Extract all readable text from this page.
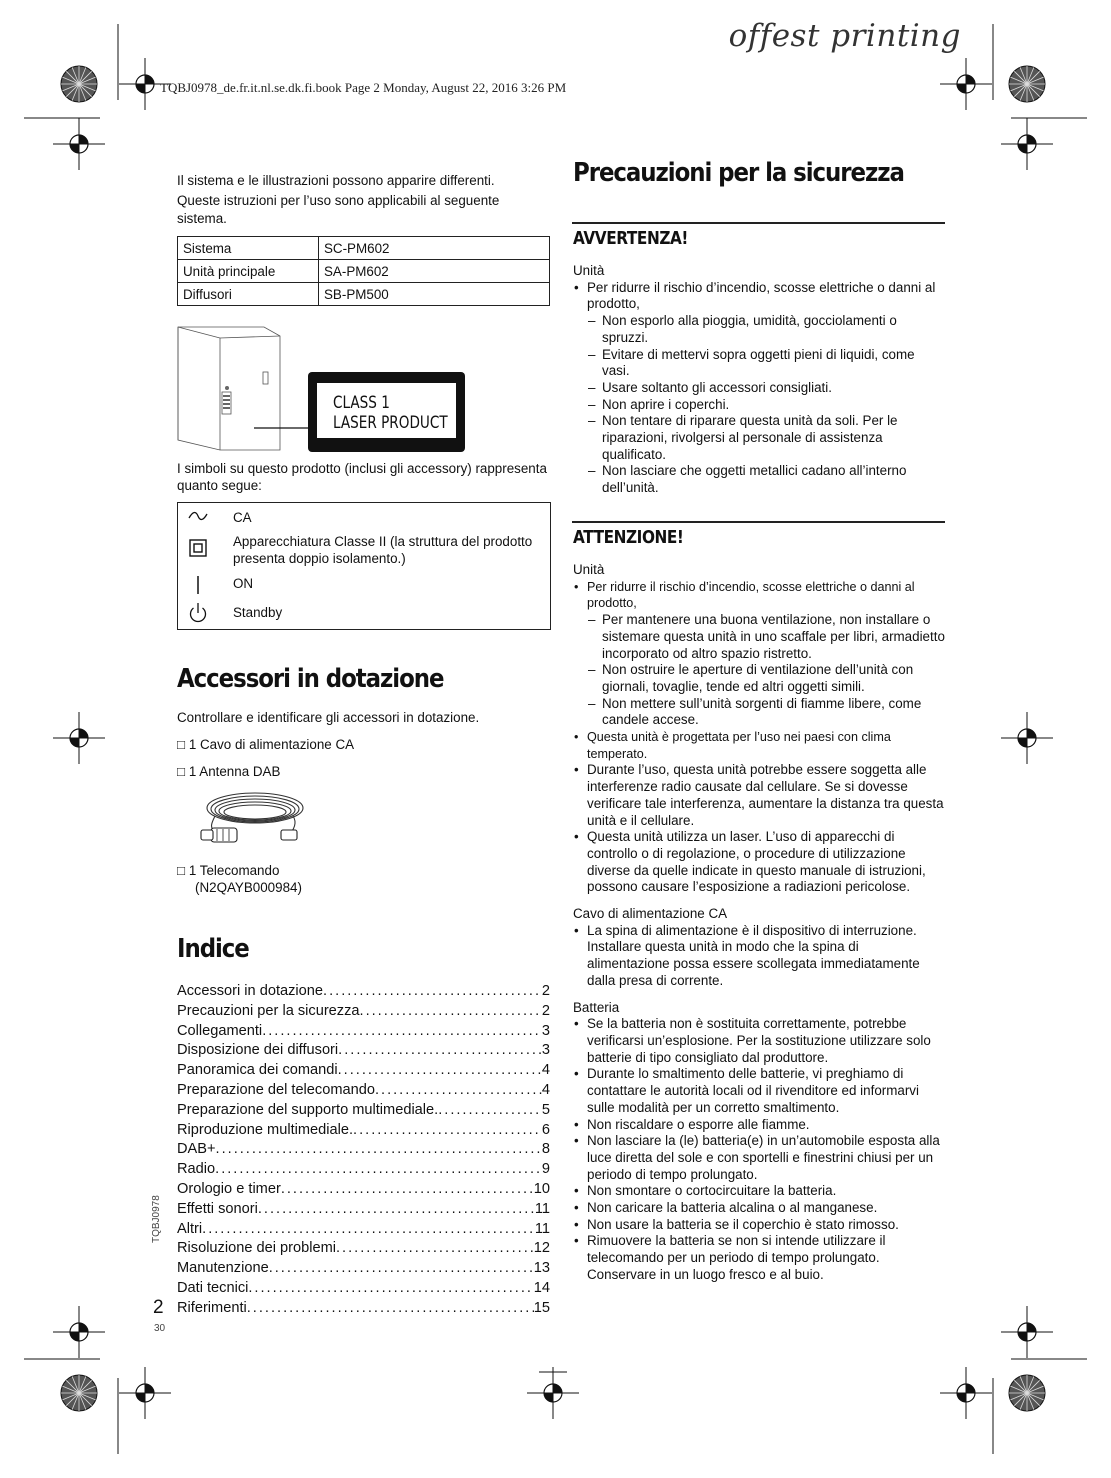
TQBJ0978_de.fr.it.nl.se.dk.fi.book Page 2 Monday, August 22, 2016 3:26 PM
offest printing

Il sistema e le illustrazioni possono apparire differenti.

Queste istruzioni per l’uso sono applicabili al seguente sistema.

Sistema	SC-PM602
Unità principale	SA-PM602
Diffusori	SB-PM500
CLASS 1
LASER PRODUCT
I simboli su questo prodotto (inclusi gli accessory) rappresenta quanto segue:
CA
Apparecchiatura Classe II (la struttura del prodotto presenta doppio isolamento.)
ON
Standby
Accessori in dotazione
Controllare e identificare gli accessori in dotazione.
□ 1 Cavo di alimentazione CA
□ 1 Antenna DAB
□ 1 Telecomando
(N2QAYB000984)
Indice
Accessori in dotazione .....	2
Precauzioni per la sicurezza .....	2
Collegamenti .....	3
Disposizione dei diffusori .....	3
Panoramica dei comandi .....	4
Preparazione del telecomando .....	4
Preparazione del supporto multimediale. .....	5
Riproduzione multimediale. .....	6
DAB+ .....	8
Radio .....	9
Orologio e timer .....	10
Effetti sonori .....	11
Altri .....	11
Risoluzione dei problemi .....	12
Manutenzione .....	13
Dati tecnici .....	14
Riferimenti .....	15
TQBJ0978
2
30
Precauzioni per la sicurezza
AVVERTENZA!

Unità

• Per ridurre il rischio d’incendio, scosse elettriche o danni al prodotto,
– Non esporlo alla pioggia, umidità, gocciolamenti o spruzzi.
– Evitare di mettervi sopra oggetti pieni di liquidi, come vasi.
– Usare soltanto gli accessori consigliati.
– Non aprire i coperchi.
– Non tentare di riparare questa unità da soli. Per le riparazioni, rivolgersi al personale di assistenza qualificato.
– Non lasciare che oggetti metallici cadano all’interno dell’unità.
ATTENZIONE!

Unità

• Per ridurre il rischio d’incendio, scosse elettriche o danni al prodotto,
– Per mantenere una buona ventilazione, non installare o sistemare questa unità in uno scaffale per libri, armadietto incorporato od altro spazio ristretto.
– Non ostruire le aperture di ventilazione dell’unità con giornali, tovaglie, tende ed altri oggetti simili.
– Non mettere sull’unità sorgenti di fiamme libere, come candele accese.
• Questa unità è progettata per l’uso nei paesi con clima temperato.
• Durante l’uso, questa unità potrebbe essere soggetta alle interferenze radio causate dal cellulare. Se si dovesse verificare tale interferenza, aumentare la distanza tra questa unità e il cellulare.
• Questa unità utilizza un laser. L’uso di apparecchi di controllo o di regolazione, o procedure di utilizzazione diverse da quelle indicate in questo manuale di istruzioni, possono causare l’esposizione a radiazioni pericolose.

Cavo di alimentazione CA

• La spina di alimentazione è il dispositivo di interruzione. Installare questa unità in modo che la spina di alimentazione possa essere scollegata immediatamente dalla presa di corrente.

Batteria

• Se la batteria non è sostituita correttamente, potrebbe verificarsi un’esplosione. Per la sostituzione utilizzare solo batterie di tipo consigliato dal produttore.
• Durante lo smaltimento delle batterie, vi preghiamo di contattare le autorità locali od il rivenditore ed informarvi sulle modalità per un corretto smaltimento.
• Non riscaldare o esporre alle fiamme.
• Non lasciare la (le) batteria(e) in un’automobile esposta alla luce diretta del sole e con sportelli e finestrini chiusi per un periodo di tempo prolungato.
• Non smontare o cortocircuitare la batteria.
• Non caricare la batteria alcalina o al manganese.
• Non usare la batteria se il coperchio è stato rimosso.
• Rimuovere la batteria se non si intende utilizzare il telecomando per un periodo di tempo prolungato. Conservare in un luogo fresco e al buio.
